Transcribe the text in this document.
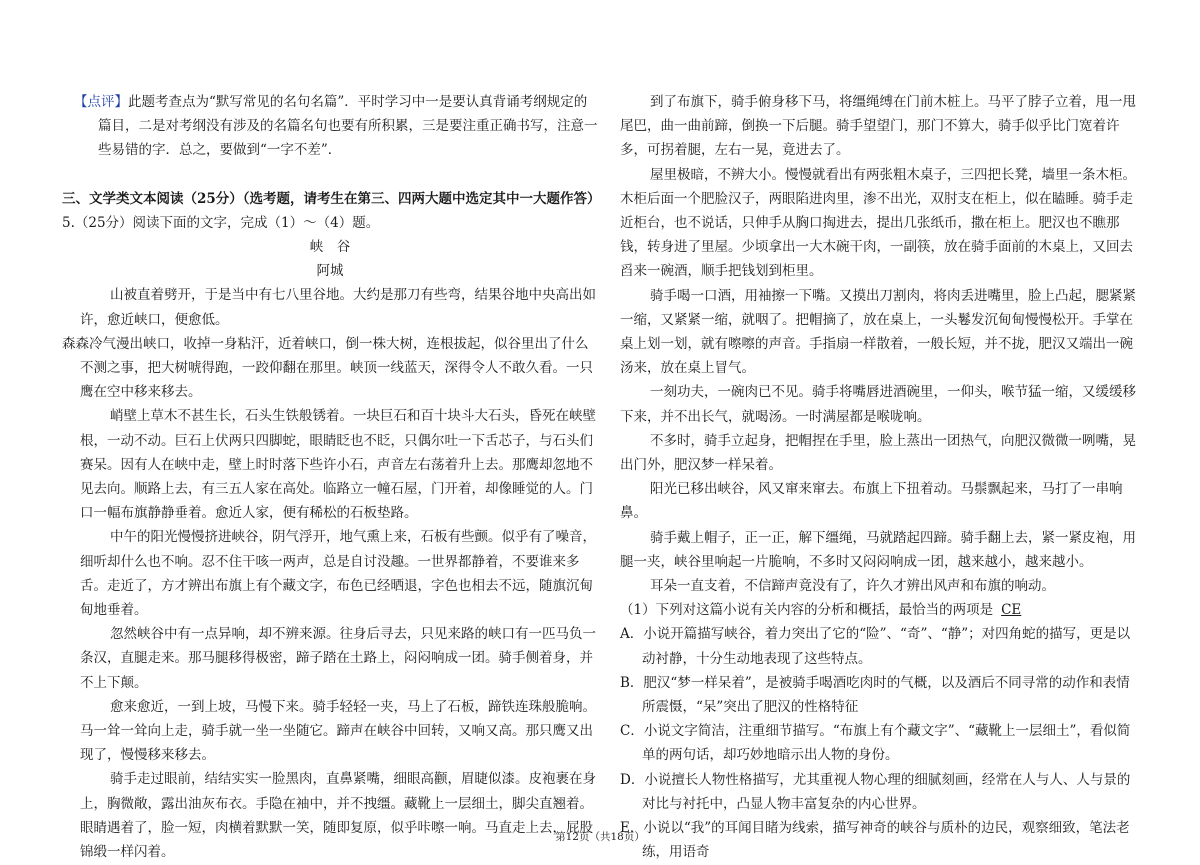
【点评】此题考查点为“默写常见的名句名篇”．平时学习中一是要认真背诵考纲规定的篇目，二是对考纲没有涉及的名篇名句也要有所积累，三是要注重正确书写，注意一些易错的字．总之，要做到“一字不差”．

三、文学类文本阅读（25分）（选考题，请考生在第三、四两大题中选定其中一大题作答）

5.（25分）阅读下面的文字，完成（1）～（4）题。

峡　谷

阿城

山被直着劈开，于是当中有七八里谷地。大约是那刀有些弯，结果谷地中央高出如许，愈近峡口，便愈低。

森森冷气漫出峡口，收掉一身粘汗，近着峡口，倒一株大树，连根拔起，似谷里出了什么不测之事，把大树唬得跑，一跤仰翻在那里。峡顶一线蓝天，深得令人不敢久看。一只鹰在空中移来移去。

峭壁上草木不甚生长，石头生铁般锈着。一块巨石和百十块斗大石头，昏死在峡壁根，一动不动。巨石上伏两只四脚蛇，眼睛眨也不眨，只偶尔吐一下舌芯子，与石头们赛呆。因有人在峡中走，壁上时时落下些许小石，声音左右荡着升上去。那鹰却忽地不见去向。顺路上去，有三五人家在高处。临路立一幢石屋，门开着，却像睡觉的人。门口一幅布旗静静垂着。愈近人家，便有稀松的石板垫路。

中午的阳光慢慢挤进峡谷，阴气浮开，地气熏上来，石板有些颤。似乎有了噪音，细听却什么也不响。忍不住干咳一两声，总是自讨没趣。一世界都静着，不要谁来多舌。走近了，方才辨出布旗上有个藏文字，布色已经晒退，字色也相去不远，随旗沉甸甸地垂着。

忽然峡谷中有一点异响，却不辨来源。往身后寻去，只见来路的峡口有一匹马负一条汉，直腿走来。那马腿移得极密，蹄子踏在土路上，闷闷响成一团。骑手侧着身，并不上下颠。

愈来愈近，一到上坡，马慢下来。骑手轻轻一夹，马上了石板，蹄铁连珠般脆响。马一耸一耸向上走，骑手就一坐一坐随它。蹄声在峡谷中回转，又响又高。那只鹰又出现了，慢慢移来移去。

骑手走过眼前，结结实实一脸黑肉，直鼻紧嘴，细眼高颧，眉睫似漆。皮袍裹在身上，胸微敞，露出油灰布衣。手隐在袖中，并不拽缰。藏靴上一层细土，脚尖直翘着。眼睛遇着了，脸一短，肉横着默默一笑，随即复原，似乎咔嚓一响。马直走上去，屁股锦缎一样闪着。

到了布旗下，骑手俯身移下马，将缰绳缚在门前木桩上。马平了脖子立着，甩一甩尾巴，曲一曲前蹄，倒换一下后腿。骑手望望门，那门不算大，骑手似乎比门宽着许多，可拐着腿，左右一晃，竟进去了。

屋里极暗，不辨大小。慢慢就看出有两张粗木桌子，三四把长凳，墙里一条木柜。木柜后面一个肥脸汉子，两眼陷进肉里，渗不出光，双肘支在柜上，似在瞌睡。骑手走近柜台，也不说话，只伸手从胸口掏进去，提出几张纸币，撒在柜上。肥汉也不瞧那钱，转身进了里屋。少顷拿出一大木碗干肉，一副筷，放在骑手面前的木桌上，又回去舀来一碗酒，顺手把钱划到柜里。

骑手喝一口酒，用袖擦一下嘴。又摸出刀割肉，将肉丢进嘴里，脸上凸起，腮紧紧一缩，又紧紧一缩，就咽了。把帽摘了，放在桌上，一头鬈发沉甸甸慢慢松开。手掌在桌上划一划，就有嚓嚓的声音。手指扇一样散着，一般长短，并不拢，肥汉又端出一碗汤来，放在桌上冒气。

一刻功夫，一碗肉已不见。骑手将嘴唇进酒碗里，一仰头，喉节猛一缩，又缓缓移下来，并不出长气，就喝汤。一时满屋都是喉咙响。

不多时，骑手立起身，把帽捏在手里，脸上蒸出一团热气，向肥汉微微一咧嘴，晃出门外，肥汉梦一样呆着。

阳光已移出峡谷，风又窜来窜去。布旗上下扭着动。马鬃飘起来，马打了一串响鼻。

骑手戴上帽子，正一正，解下缰绳，马就踏起四蹄。骑手翻上去，紧一紧皮袍，用腿一夹，峡谷里响起一片脆响，不多时又闷闷响成一团，越来越小，越来越小。

耳朵一直支着，不信蹄声竟没有了，许久才辨出风声和布旗的响动。

（1）下列对这篇小说有关内容的分析和概括，最恰当的两项是 CE

A．小说开篇描写峡谷，着力突出了它的“险”、“奇”、“静”；对四角蛇的描写，更是以动衬静，十分生动地表现了这些特点。

B．肥汉“梦一样呆着”，是被骑手喝酒吃肉时的气概，以及酒后不同寻常的动作和表情所震慑，“呆”突出了肥汉的性格特征

C．小说文字简洁，注重细节描写。“布旗上有个藏文字”、“藏靴上一层细土”，看似简单的两句话，却巧妙地暗示出人物的身份。

D．小说擅长人物性格描写，尤其重视人物心理的细腻刻画，经常在人与人、人与景的对比与衬托中，凸显人物丰富复杂的内心世界。

E．小说以“我”的耳闻目睹为线索，描写神奇的峡谷与质朴的边民，观察细致，笔法老练，用语奇

第12页（共18页）
